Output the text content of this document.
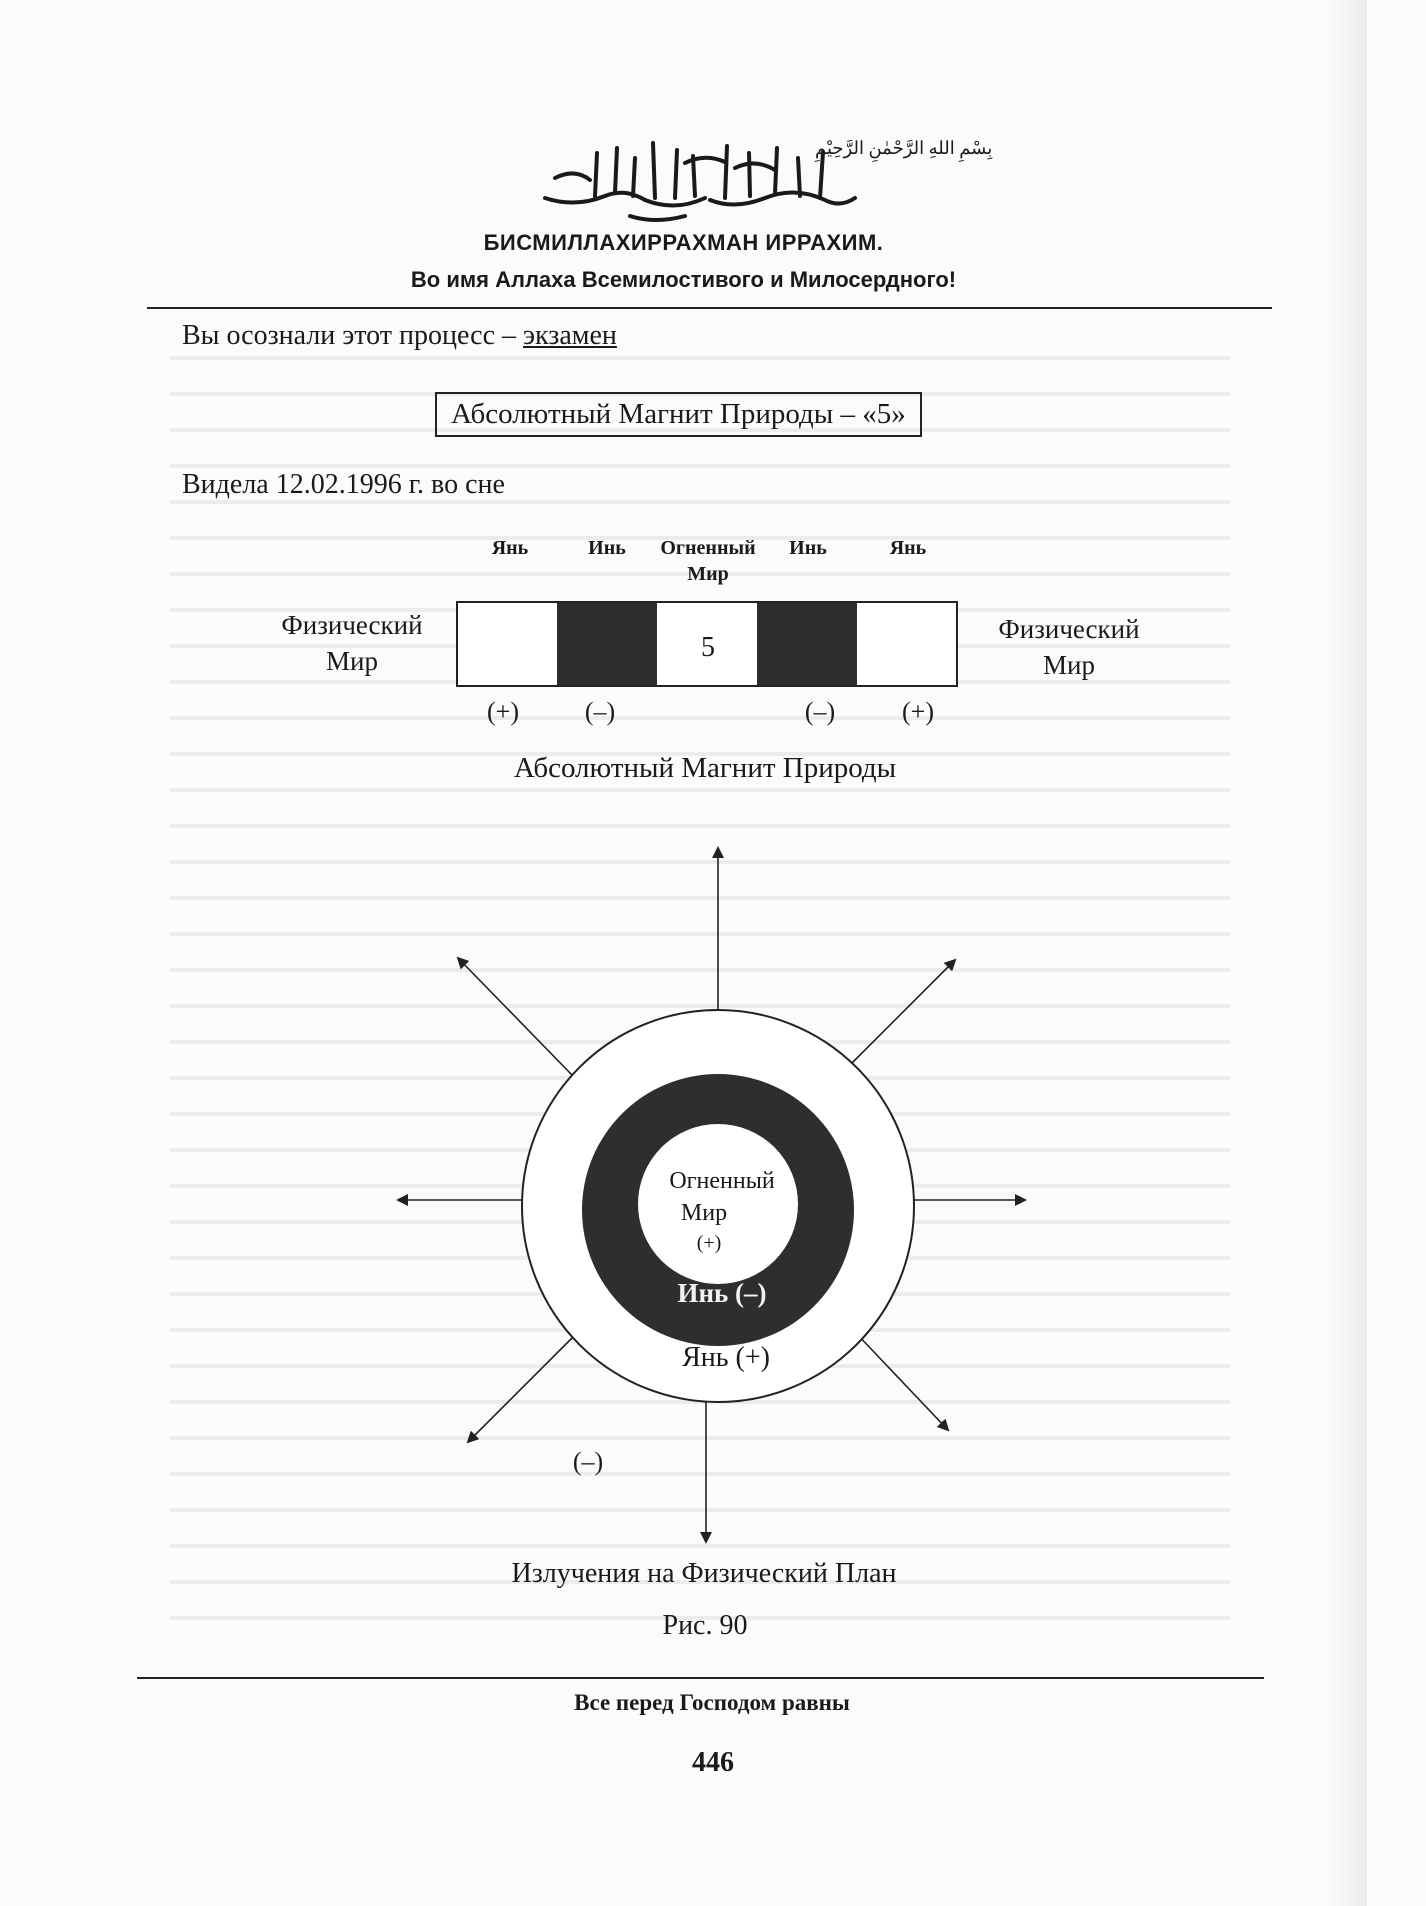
بِسْمِ اللهِ الرَّحْمٰنِ الرَّحِيْمِ
БИСМИЛЛАХИРРАХМАН ИРРАХИМ.
Во имя Аллаха Всемилостивого и Милосердного!
Вы осознали этот процесс – экзамен
Абсолютный Магнит Природы – «5»
Видела 12.02.1996 г. во сне
Янь	Инь Огненный
Мир
Инь	Янь
Физический
Мир
Физический
Мир
5
(+)	(–)	(–)	(+)
Абсолютный Магнит Природы
Огненный
Мир
(+)
Инь (–)
Янь (+)
(–)
Излучения на Физический План
Рис. 90
Все перед Господом равны
446
